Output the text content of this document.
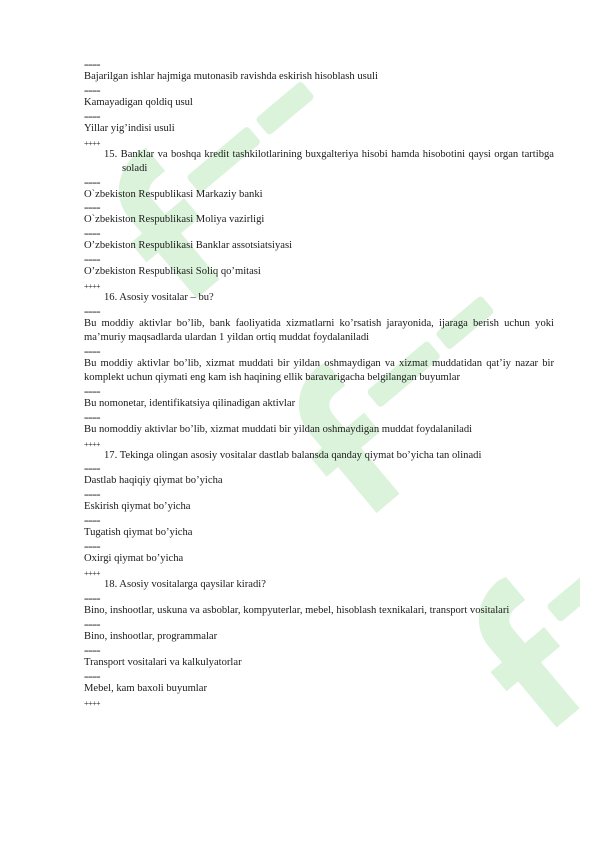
====
Bajarilgan ishlar hajmiga mutonasib ravishda eskirish hisoblash usuli
====
Kamayadigan qoldiq usul
====
Yillar yig’indisi usuli
++++
15. Banklar va boshqa kredit tashkilotlarining buxgalteriya hisobi hamda hisobotini qaysi organ tartibga soladi
====
O`zbekiston Respublikasi Markaziy banki
====
O`zbekiston Respublikasi Moliya vazirligi
====
O’zbekiston Respublikasi Banklar assotsiatsiyasi
====
O’zbekiston Respublikasi Soliq qo’mitasi
++++
16. Asosiy vositalar – bu?
====
Bu moddiy aktivlar bo’lib, bank faoliyatida xizmatlarni ko’rsatish jarayonida, ijaraga berish uchun yoki ma’muriy maqsadlarda ulardan 1 yildan ortiq muddat foydalaniladi
====
Bu moddiy aktivlar bo’lib, xizmat muddati bir yildan oshmaydigan va xizmat muddatidan qat’iy nazar bir komplekt uchun qiymati eng kam ish haqining ellik baravarigacha belgilangan buyumlar
====
Bu nomonetar, identifikatsiya qilinadigan aktivlar
====
Bu nomoddiy aktivlar bo’lib, xizmat muddati bir yildan oshmaydigan muddat foydalaniladi
++++
17. Tekinga olingan asosiy vositalar dastlab balansda qanday qiymat bo’yicha tan olinadi
====
Dastlab haqiqiy qiymat bo’yicha
====
Eskirish qiymat bo’yicha
====
Tugatish qiymat bo’yicha
====
Oxirgi qiymat bo’yicha
++++
18. Asosiy vositalarga qaysilar kiradi?
====
Bino, inshootlar, uskuna va asboblar, kompyuterlar, mebel, hisoblash texnikalari, transport vositalari
====
Bino, inshootlar, programmalar
====
Transport vositalari va kalkulyatorlar
====
Mebel, kam baxoli buyumlar
++++
